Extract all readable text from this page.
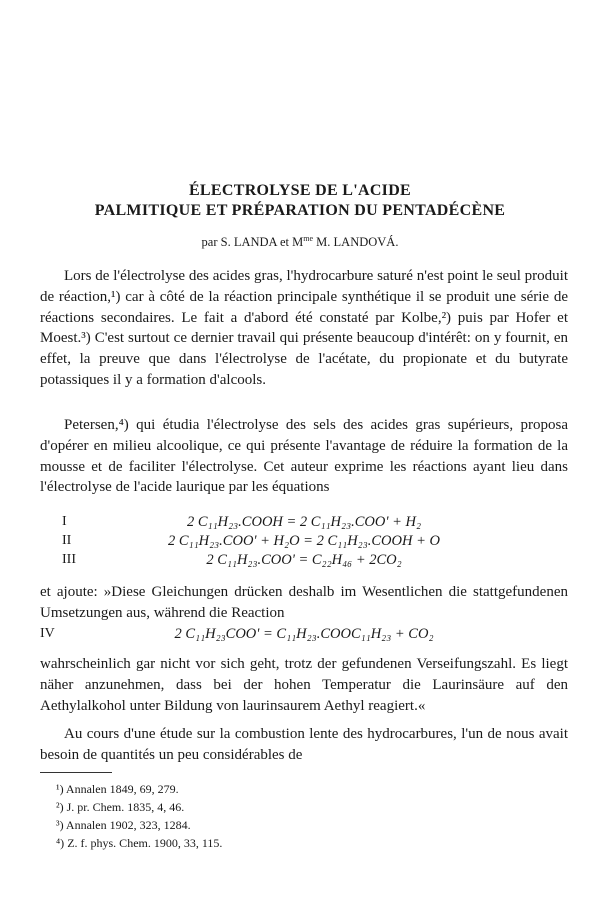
ÉLECTROLYSE DE L'ACIDE
PALMITIQUE ET PRÉPARATION DU PENTADÉCÈNE
par S. LANDA et $M^{me}$ M. LANDOVÁ.
Lors de l'électrolyse des acides gras, l'hydrocarbure saturé n'est point le seul produit de réaction,¹) car à côté de la réaction principale synthétique il se produit une série de réactions secondaires. Le fait a d'abord été constaté par Kolbe,²) puis par Hofer et Moest.³) C'est surtout ce dernier travail qui présente beaucoup d'intérêt: on y fournit, en effet, la preuve que dans l'électrolyse de l'acétate, du propionate et du butyrate potassiques il y a formation d'alcools.
Petersen,⁴) qui étudia l'électrolyse des sels des acides gras supérieurs, proposa d'opérer en milieu alcoolique, ce qui présente l'avantage de réduire la formation de la mousse et de faciliter l'électrolyse. Cet auteur exprime les réactions ayant lieu dans l'électrolyse de l'acide laurique par les équations
I	2 C₁₁H₂₃.COOH = 2 C₁₁H₂₃.COO' + H₂
II	2 C₁₁H₂₃.COO' + H₂O = 2 C₁₁H₂₃.COOH + O
III	2 C₁₁H₂₃.COO' = C₂₂H₄₆ + 2CO₂
et ajoute: »Diese Gleichungen drücken deshalb im Wesentlichen die stattgefundenen Umsetzungen aus, während die Reaction
IV	2 C₁₁H₂₃COO' = C₁₁H₂₃.COOC₁₁H₂₃ + CO₂
wahrscheinlich gar nicht vor sich geht, trotz der gefundenen Verseifungszahl. Es liegt näher anzunehmen, dass bei der hohen Temperatur die Laurinsäure auf den Aethylalkohol unter Bildung von laurinsaurem Aethyl reagiert.«
Au cours d'une étude sur la combustion lente des hydrocarbures, l'un de nous avait besoin de quantités un peu considérables de
¹) Annalen 1849, 69, 279.
²) J. pr. Chem. 1835, 4, 46.
³) Annalen 1902, 323, 1284.
⁴) Z. f. phys. Chem. 1900, 33, 115.
